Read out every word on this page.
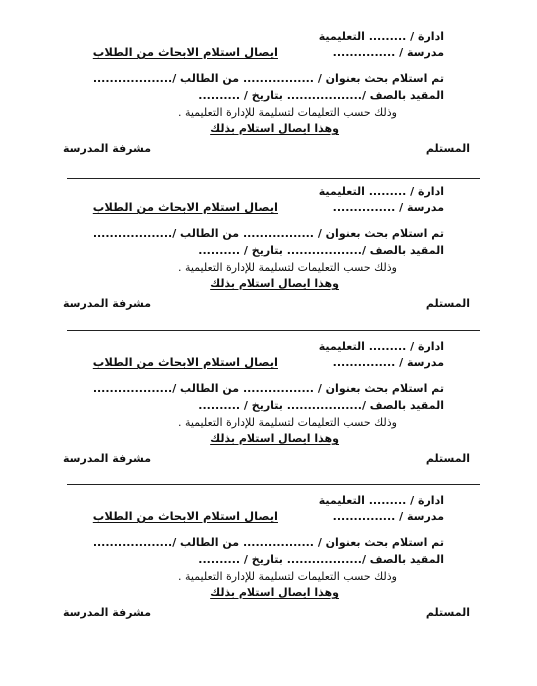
ادارة / ......... التعليمية
مدرسة / ...............
ايصال استلام الابحاث من الطلاب
تم استلام بحث بعنوان / ................. من الطالب /...................
المقيد بالصف /.................. بتاريخ / ..........
وذلك حسب التعليمات لتسليمة للإدارة التعليمية .
وهذا ايصال استلام بذلك
المستلم
مشرفة المدرسة
ادارة / ......... التعليمية
مدرسة / ...............
ايصال استلام الابحاث من الطلاب
تم استلام بحث بعنوان / ................. من الطالب /...................
المقيد بالصف /.................. بتاريخ / ..........
وذلك حسب التعليمات لتسليمة للإدارة التعليمية .
وهذا ايصال استلام بذلك
المستلم
مشرفة المدرسة
ادارة / ......... التعليمية
مدرسة / ...............
ايصال استلام الابحاث من الطلاب
تم استلام بحث بعنوان / ................. من الطالب /...................
المقيد بالصف /.................. بتاريخ / ..........
وذلك حسب التعليمات لتسليمة للإدارة التعليمية .
وهذا ايصال استلام بذلك
المستلم
مشرفة المدرسة
ادارة / ......... التعليمية
مدرسة / ...............
ايصال استلام الابحاث من الطلاب
تم استلام بحث بعنوان / ................. من الطالب /...................
المقيد بالصف /.................. بتاريخ / ..........
وذلك حسب التعليمات لتسليمة للإدارة التعليمية .
وهذا ايصال استلام بذلك
المستلم
مشرفة المدرسة
